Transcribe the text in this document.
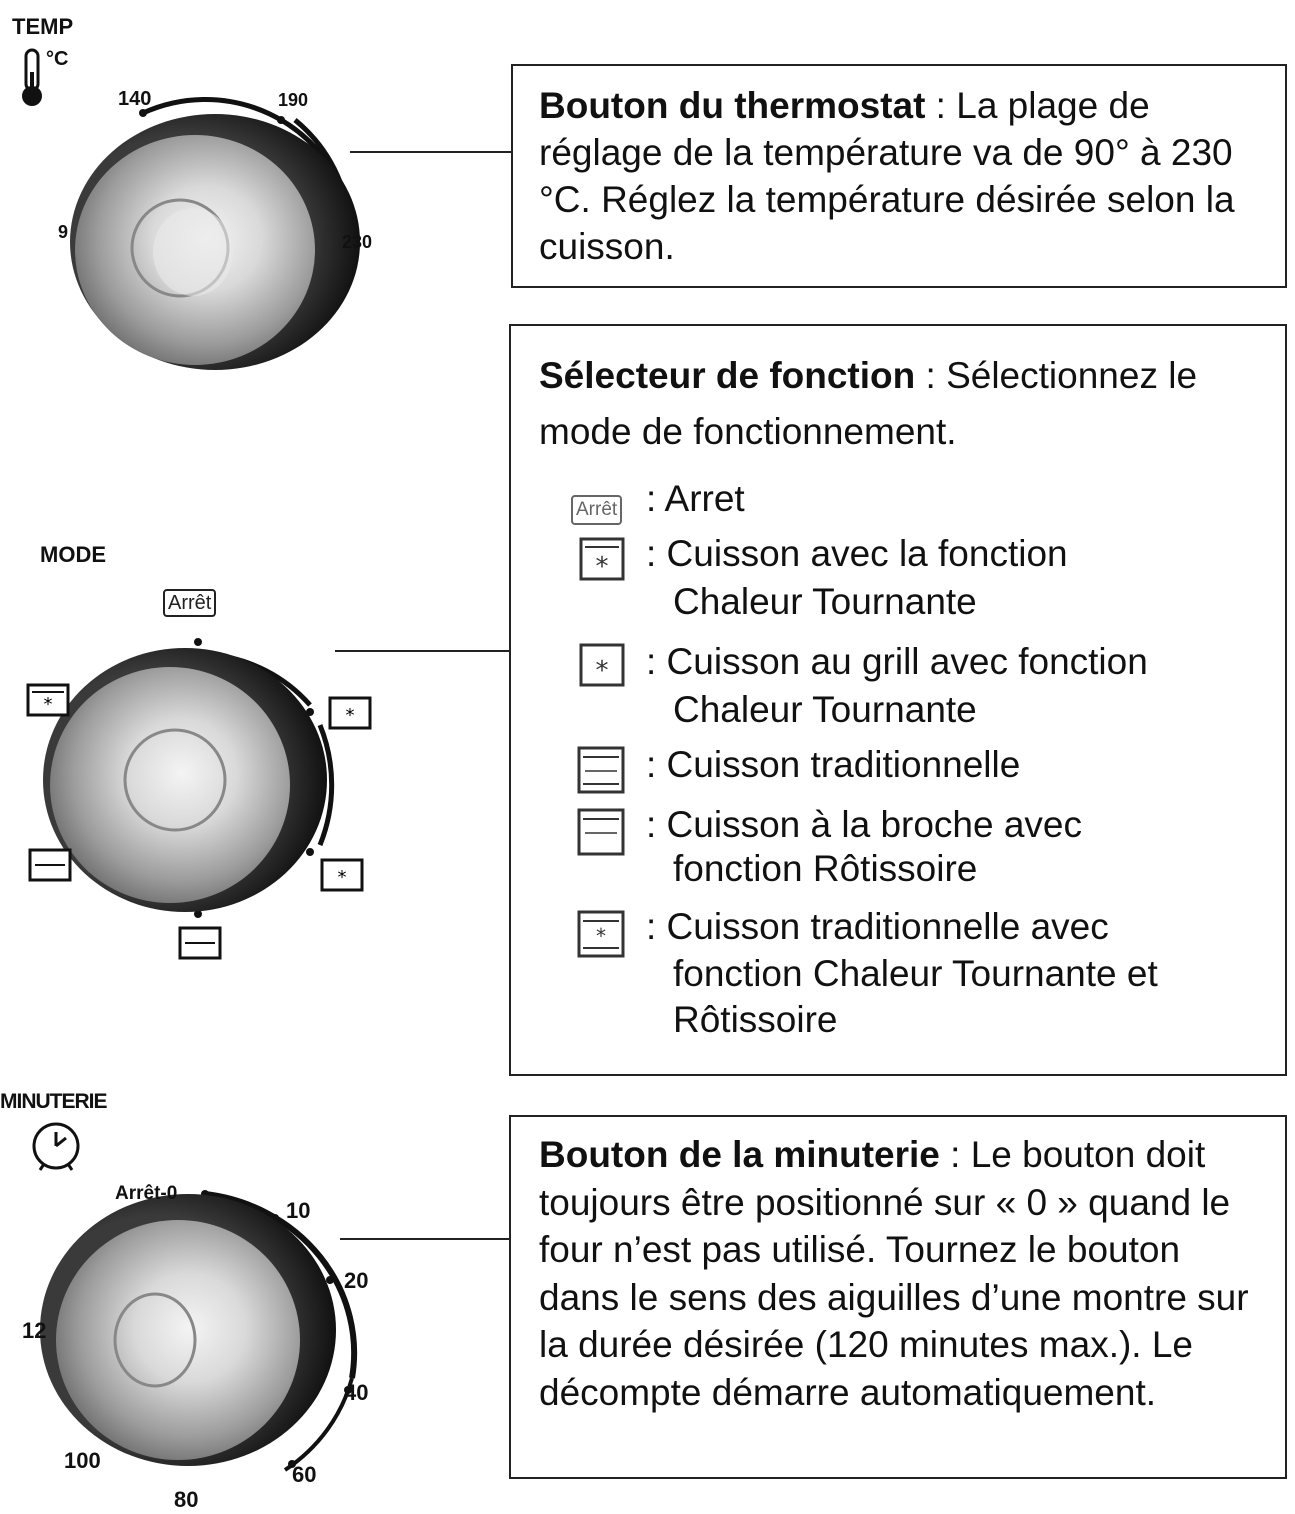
TEMP
°C
140	190
230
9

Bouton du thermostat : La plage de réglage de la température va de 90° à 230 °C. Réglez la température désirée selon la cuisson.

MODE
Arrêt
*
*
*

Sélecteur de fonction : Sélectionnez le mode de fonctionnement.

Arrêt : Arret
* : Cuisson avec la fonction
Chaleur Tournante
* : Cuisson au grill avec fonction
Chaleur Tournante
: Cuisson traditionnelle
: Cuisson à la broche avec
fonction Rôtissoire
* : Cuisson traditionnelle avec
fonction Chaleur Tournante et
Rôtissoire
MINUTERIE
Arrêt-0
10
20
40
60
80
100
12

Bouton de la minuterie : Le bouton doit toujours être positionné sur « 0 » quand le four n’est pas utilisé. Tournez le bouton dans le sens des aiguilles d’une montre sur la durée désirée (120 minutes max.). Le décompte démarre automatiquement.
